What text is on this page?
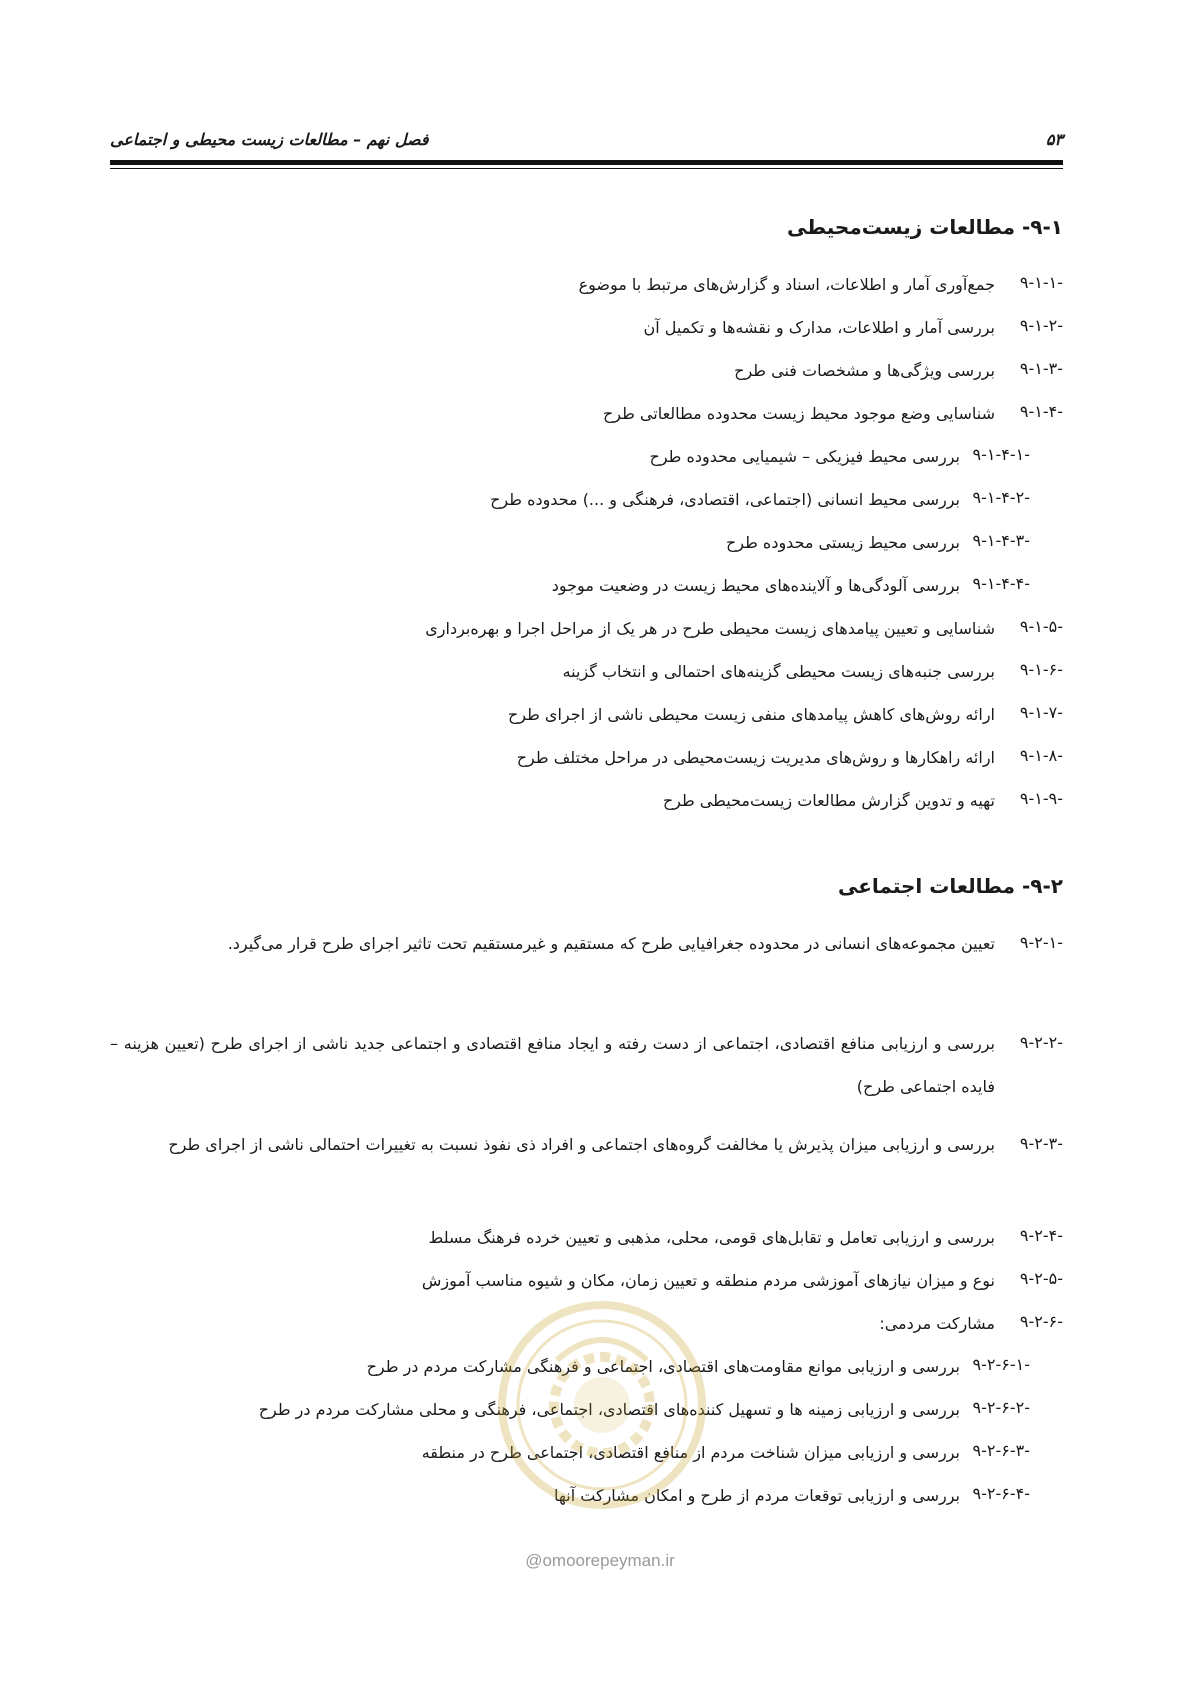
۵۳
فصل نهم – مطالعات زیست محیطی و اجتماعی
۹-۱- مطالعات زیست‌محیطی
۹-۱-۱-
جمع‌آوری آمار و اطلاعات، اسناد و گزارش‌های مرتبط با موضوع
۹-۱-۲-
بررسی آمار و اطلاعات، مدارک و نقشه‌ها و تکمیل آن
۹-۱-۳-
بررسی ویژگی‌ها و مشخصات فنی طرح
۹-۱-۴-
شناسایی وضع موجود محیط زیست محدوده مطالعاتی طرح
۹-۱-۴-۱-
بررسی محیط فیزیکی – شیمیایی محدوده طرح
۹-۱-۴-۲-
بررسی محیط انسانی (اجتماعی، اقتصادی، فرهنگی و ...) محدوده طرح
۹-۱-۴-۳-
بررسی محیط زیستی محدوده طرح
۹-۱-۴-۴-
بررسی آلودگی‌ها و آلاینده‌های محیط زیست در وضعیت موجود
۹-۱-۵-
شناسایی و تعیین پیامدهای زیست محیطی طرح در هر یک از مراحل اجرا و بهره‌برداری
۹-۱-۶-
بررسی جنبه‌های زیست محیطی گزینه‌های احتمالی و انتخاب گزینه
۹-۱-۷-
ارائه روش‌های کاهش پیامدهای منفی زیست محیطی ناشی از اجرای طرح
۹-۱-۸-
ارائه راهکارها و روش‌های مدیریت زیست‌محیطی در مراحل مختلف طرح
۹-۱-۹-
تهیه و تدوین گزارش مطالعات زیست‌محیطی طرح
۹-۲- مطالعات اجتماعی
۹-۲-۱-
تعیین مجموعه‌های انسانی در محدوده جغرافیایی طرح که مستقیم و غیرمستقیم تحت تاثیر اجرای طرح قرار می‌گیرد.
۹-۲-۲-
بررسی و ارزیابی منافع اقتصادی، اجتماعی از دست رفته و ایجاد منافع اقتصادی و اجتماعی جدید ناشی از اجرای طرح (تعیین هزینه – فایده اجتماعی طرح)
۹-۲-۳-
بررسی و ارزیابی میزان پذیرش یا مخالفت گروه‌های اجتماعی و افراد ذی نفوذ نسبت به تغییرات احتمالی ناشی از اجرای طرح
۹-۲-۴-
بررسی و ارزیابی تعامل و تقابل‌های قومی، محلی، مذهبی و تعیین خرده فرهنگ مسلط
۹-۲-۵-
نوع و میزان نیازهای آموزشی مردم منطقه و تعیین زمان، مکان و شیوه مناسب آموزش
۹-۲-۶-
مشارکت مردمی:
۹-۲-۶-۱-
بررسی و ارزیابی موانع مقاومت‌های اقتصادی، اجتماعی و فرهنگی مشارکت مردم در طرح
۹-۲-۶-۲-
بررسی و ارزیابی زمینه ها و تسهیل کننده‌های اقتصادی، اجتماعی، فرهنگی و محلی مشارکت مردم در طرح
۹-۲-۶-۳-
بررسی و ارزیابی میزان شناخت مردم از منافع اقتصادی، اجتماعی طرح در منطقه
۹-۲-۶-۴-
بررسی و ارزیابی توقعات مردم از طرح و امکان مشارکت آنها
@omoorepeyman.ir
